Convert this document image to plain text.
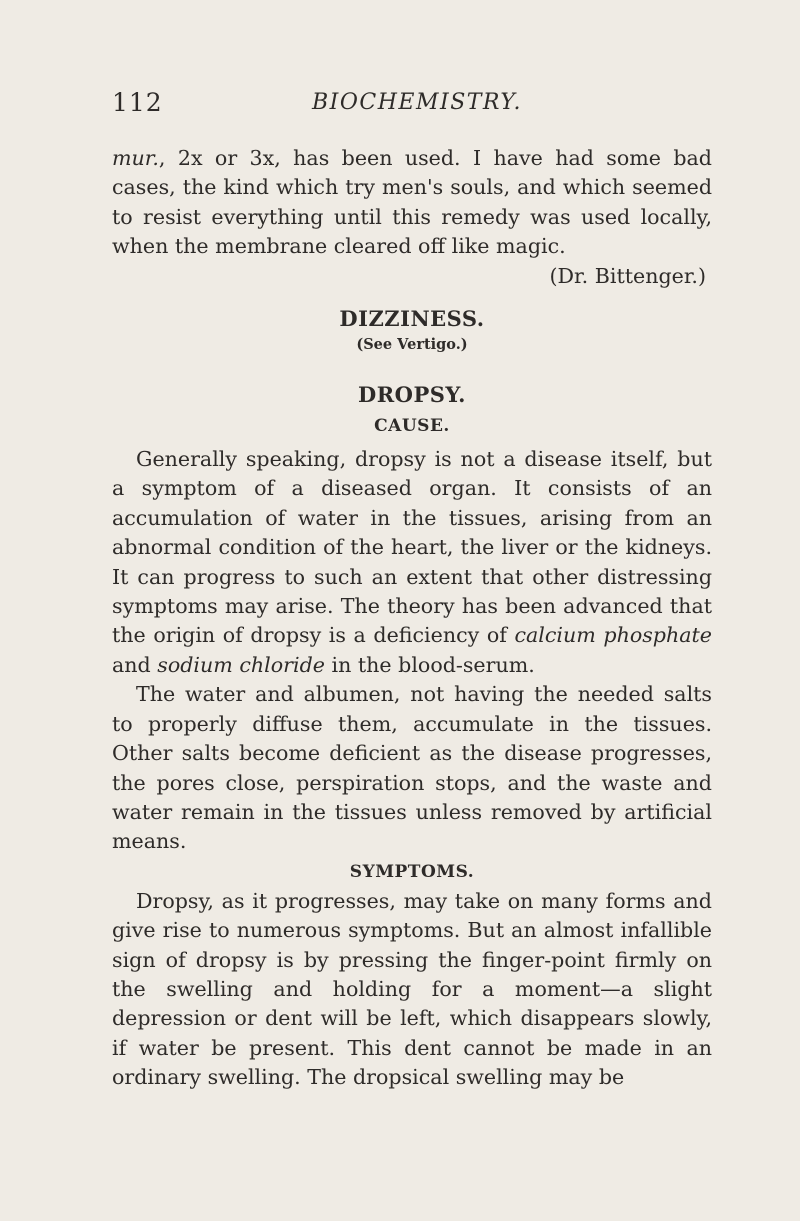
112	BIOCHEMISTRY.

mur., 2x or 3x, has been used. I have had some bad cases, the kind which try men's souls, and which seemed to resist everything until this remedy was used locally, when the membrane cleared off like magic.

(Dr. Bittenger.)
DIZZINESS.
(See Vertigo.)
DROPSY.
CAUSE.

Generally speaking, dropsy is not a disease itself, but a symptom of a diseased organ. It consists of an accumulation of water in the tissues, arising from an abnormal condition of the heart, the liver or the kidneys. It can progress to such an extent that other distressing symptoms may arise. The theory has been advanced that the origin of dropsy is a deficiency of calcium phosphate and sodium chloride in the blood-serum.

The water and albumen, not having the needed salts to properly diffuse them, accumulate in the tissues. Other salts become deficient as the disease progresses, the pores close, perspiration stops, and the waste and water remain in the tissues unless removed by artificial means.

SYMPTOMS.

Dropsy, as it progresses, may take on many forms and give rise to numerous symptoms. But an almost infallible sign of dropsy is by pressing the finger-point firmly on the swelling and holding for a moment—a slight depression or dent will be left, which disappears slowly, if water be present. This dent cannot be made in an ordinary swelling. The dropsical swelling may be
